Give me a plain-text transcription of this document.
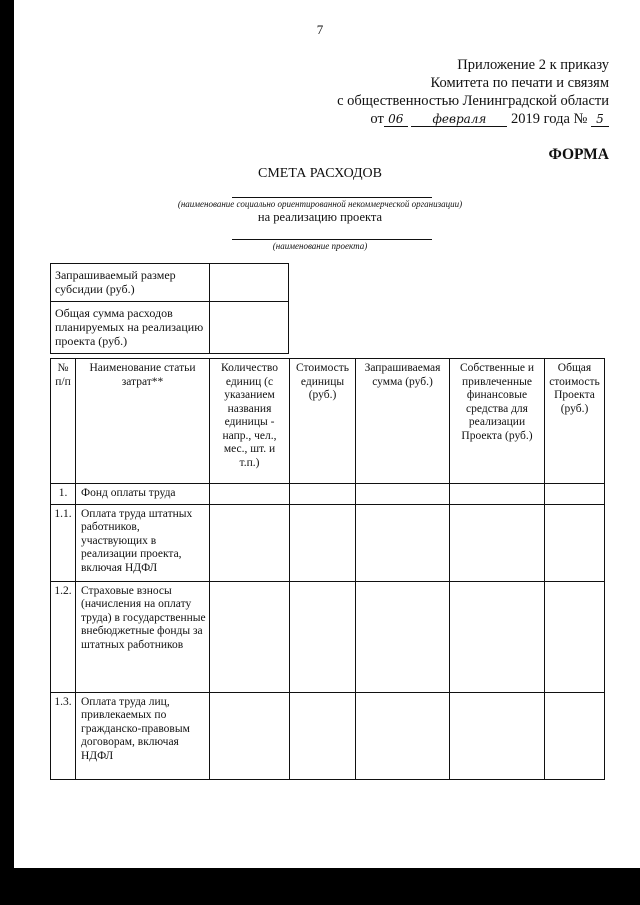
7
Приложение 2 к приказу
Комитета по печати и связям
с общественностью Ленинградской области
от 06 февраля 2019 года № 5
ФОРМА
СМЕТА РАСХОДОВ
(наименование социально ориентированной некоммерческой организации)
на реализацию проекта
(наименование проекта)
Запрашиваемый размер субсидии (руб.)	
Общая сумма расходов планируемых на реализацию проекта (руб.)	
№ п/п	Наименование статьи затрат**	Количество единиц (с указанием названия единицы - напр., чел., мес., шт. и т.п.)	Стоимость единицы (руб.)	Запрашиваемая сумма (руб.)	Собственные и привлеченные финансовые средства для реализации Проекта (руб.)	Общая стоимость Проекта (руб.)
1.	Фонд оплаты труда					
1.1.	Оплата труда штатных работников, участвующих в реализации проекта, включая НДФЛ					
1.2.	Страховые взносы (начисления на оплату труда) в государственные внебюджетные фонды за штатных работников					
1.3.	Оплата труда лиц, привлекаемых по гражданско-правовым договорам, включая НДФЛ					
